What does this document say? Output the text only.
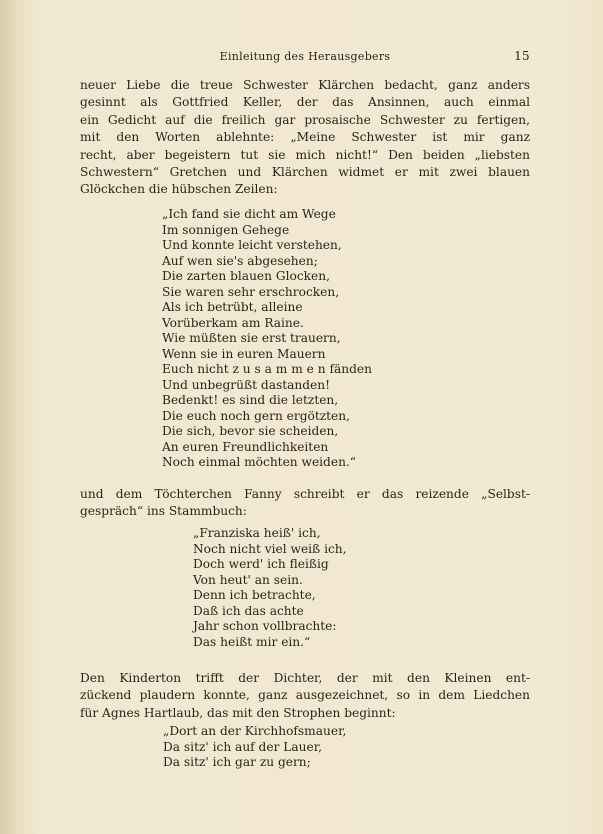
Einleitung des Herausgebers	15

neuer Liebe die treue Schwester Klärchen bedacht, ganz anders
gesinnt als Gottfried Keller, der das Ansinnen, auch einmal
ein Gedicht auf die freilich gar prosaische Schwester zu fertigen,
mit den Worten ablehnte: „Meine Schwester ist mir ganz
recht, aber begeistern tut sie mich nicht!“ Den beiden „liebsten
Schwestern“ Gretchen und Klärchen widmet er mit zwei blauen
Glöckchen die hübschen Zeilen:

„Ich fand sie dicht am Wege
Im sonnigen Gehege
Und konnte leicht verstehen,
Auf wen sie's abgesehen;
Die zarten blauen Glocken,
Sie waren sehr erschrocken,
Als ich betrübt, alleine
Vorüberkam am Raine.
Wie müßten sie erst trauern,
Wenn sie in euren Mauern
Euch nicht z u s a m m e n fänden
Und unbegrüßt dastanden!
Bedenkt! es sind die letzten,
Die euch noch gern ergötzten,
Die sich, bevor sie scheiden,
An euren Freundlichkeiten
Noch einmal möchten weiden.“

und dem Töchterchen Fanny schreibt er das reizende „Selbst-
gespräch“ ins Stammbuch:

„Franziska heiß' ich,
Noch nicht viel weiß ich,
Doch werd' ich fleißig
Von heut' an sein.
Denn ich betrachte,
Daß ich das achte
Jahr schon vollbrachte:
Das heißt mir ein.“

Den Kinderton trifft der Dichter, der mit den Kleinen ent-
zückend plaudern konnte, ganz ausgezeichnet, so in dem Liedchen
für Agnes Hartlaub, das mit den Strophen beginnt:

„Dort an der Kirchhofsmauer,
Da sitz' ich auf der Lauer,
Da sitz' ich gar zu gern;
